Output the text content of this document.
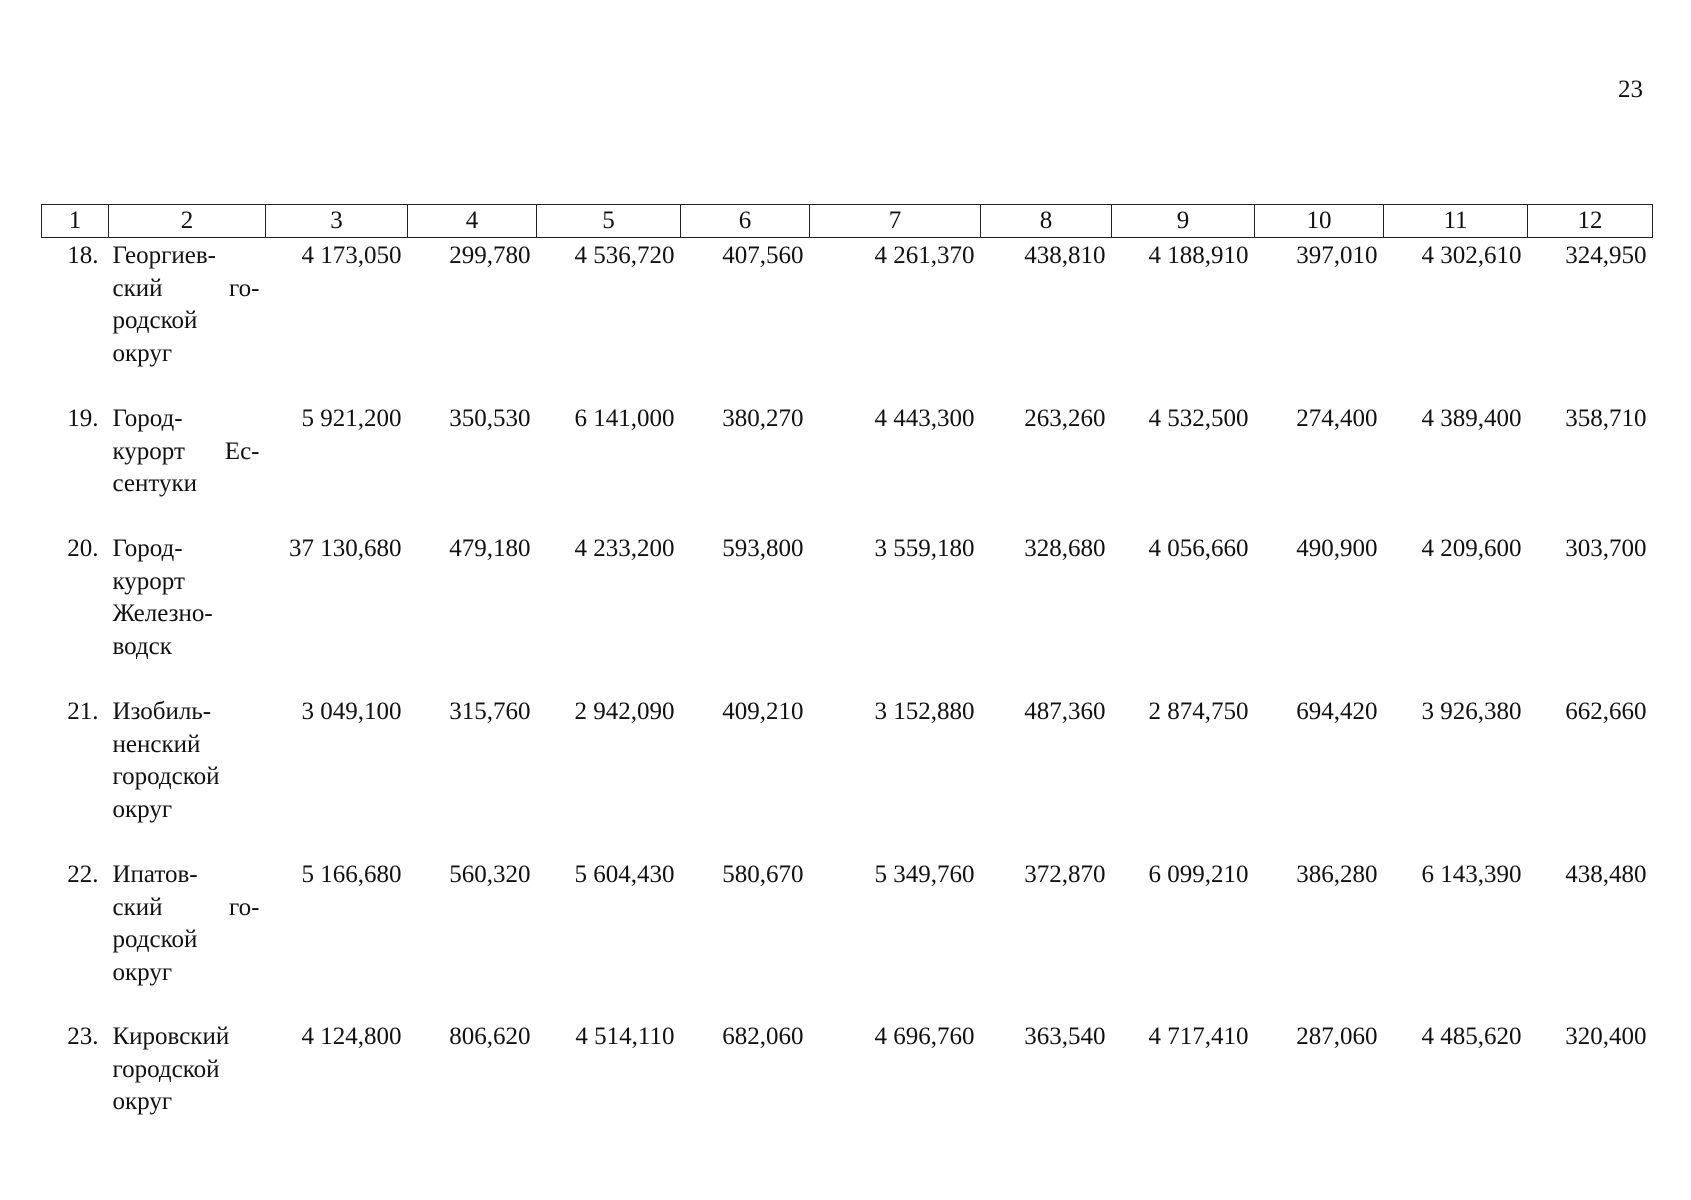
23
1	2	3	4	5	6	7	8	9	10	11	12
18.	Георгиев-
ский го-
родской
округ	4 173,050	299,780	4 536,720	407,560	4 261,370	438,810	4 188,910	397,010	4 302,610	324,950
19.	Город-
курорт Ес-
сентуки	5 921,200	350,530	6 141,000	380,270	4 443,300	263,260	4 532,500	274,400	4 389,400	358,710
20.	Город-
курорт
Железно-
водск	37 130,680	479,180	4 233,200	593,800	3 559,180	328,680	4 056,660	490,900	4 209,600	303,700
21.	Изобиль-
ненский
городской
округ	3 049,100	315,760	2 942,090	409,210	3 152,880	487,360	2 874,750	694,420	3 926,380	662,660
22.	Ипатов-
ский го-
родской
округ	5 166,680	560,320	5 604,430	580,670	5 349,760	372,870	6 099,210	386,280	6 143,390	438,480
23.	Кировский
городской
округ	4 124,800	806,620	4 514,110	682,060	4 696,760	363,540	4 717,410	287,060	4 485,620	320,400
